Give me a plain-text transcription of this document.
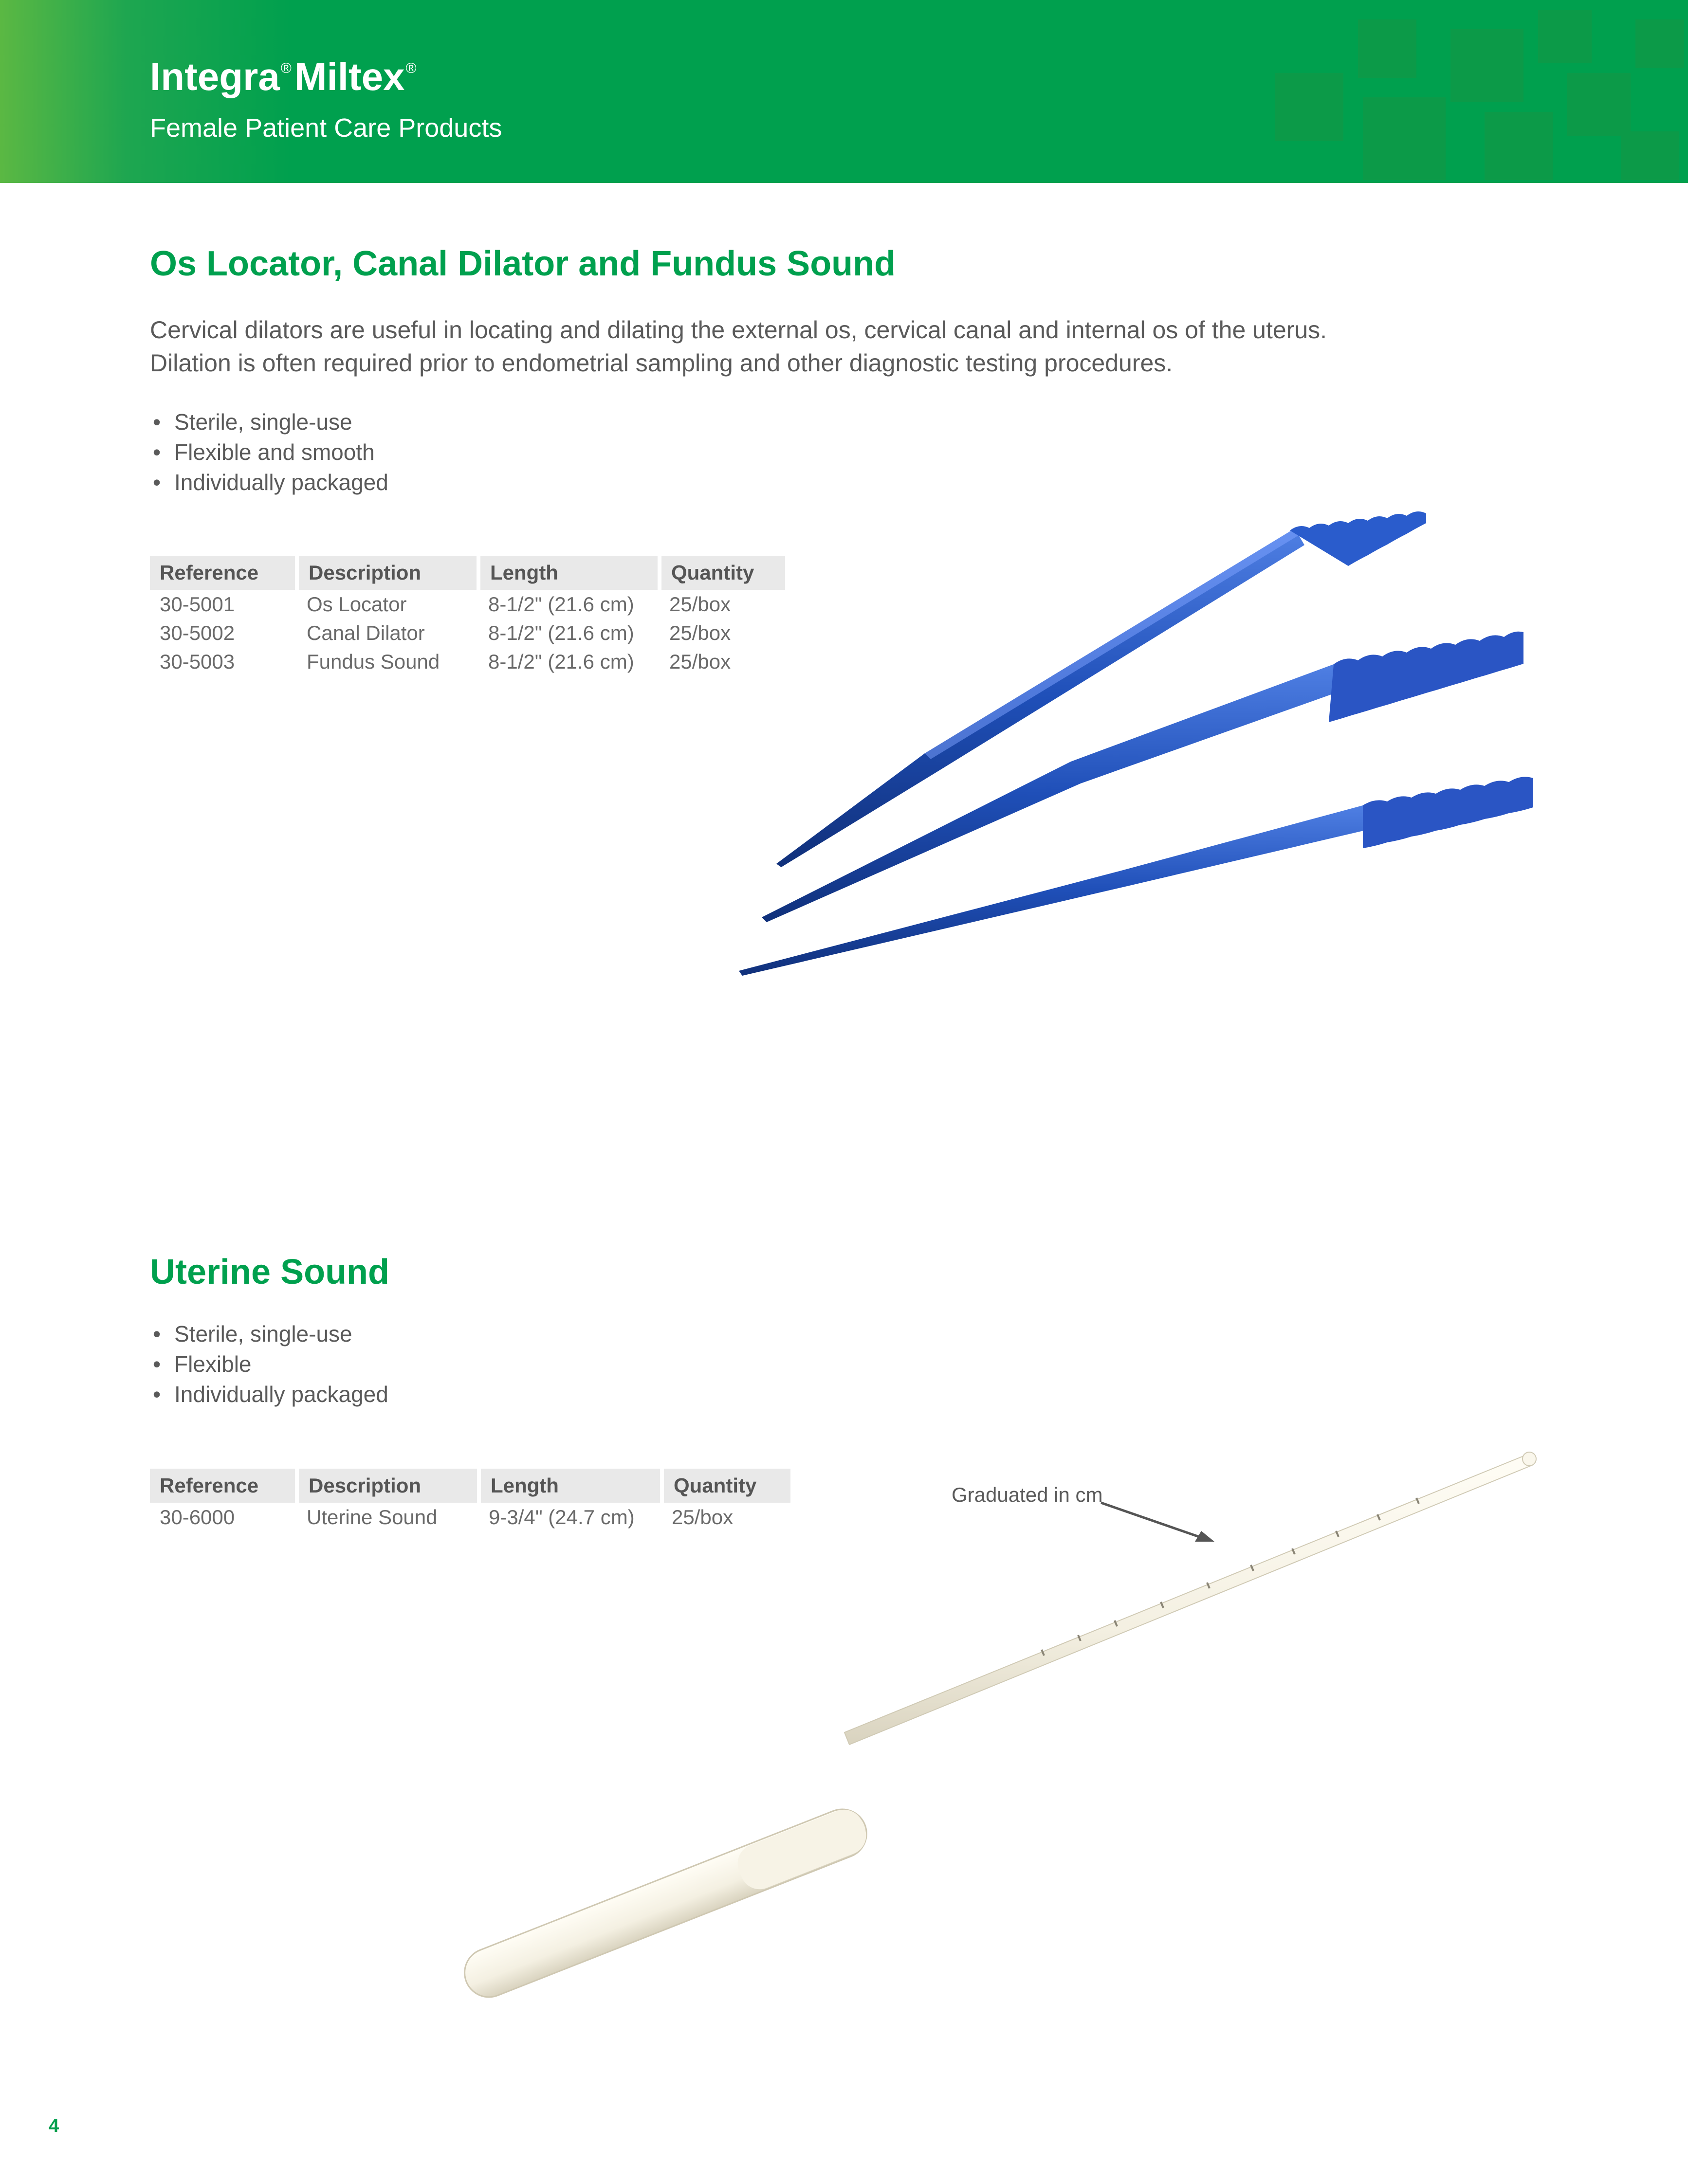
Integra®Miltex®
Female Patient Care Products
Os Locator, Canal Dilator and Fundus Sound
Cervical dilators are useful in locating and dilating the external os, cervical canal and internal os of the uterus.
Dilation is often required prior to endometrial sampling and other diagnostic testing procedures.
• Sterile, single-use
• Flexible and smooth
• Individually packaged
Reference	Description	Length	Quantity
30-5001	Os Locator	8-1/2" (21.6 cm)	25/box
30-5002	Canal Dilator	8-1/2" (21.6 cm)	25/box
30-5003	Fundus Sound	8-1/2" (21.6 cm)	25/box
Uterine Sound
• Sterile, single-use
• Flexible
• Individually packaged
Reference	Description	Length	Quantity
30-6000	Uterine Sound	9-3/4" (24.7 cm)	25/box
Graduated in cm
4
